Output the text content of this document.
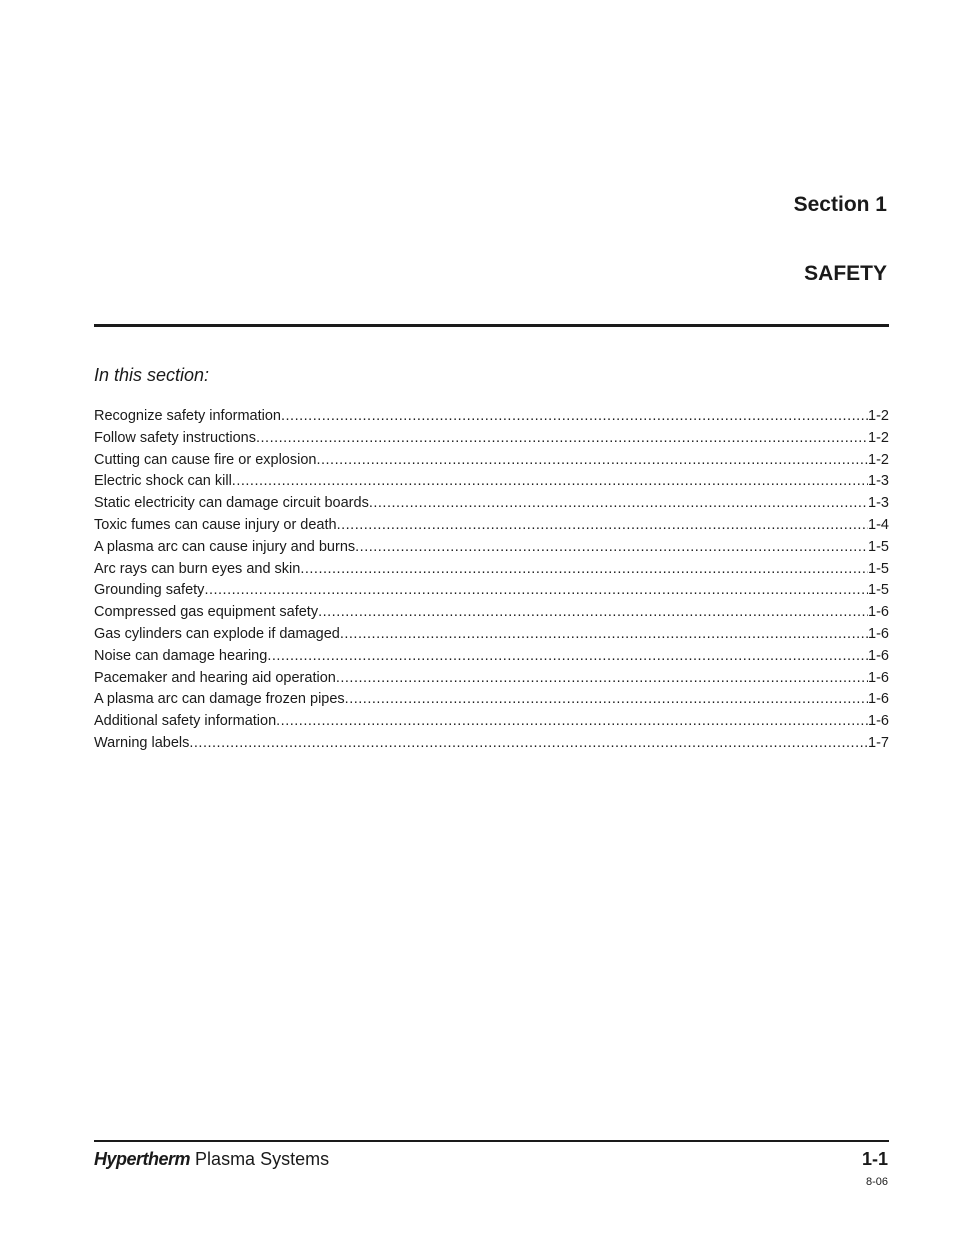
Section 1
SAFETY
In this section:
Recognize safety information .....	1-2
Follow safety instructions .....	1-2
Cutting can cause fire or explosion .....	1-2
Electric shock can kill .....	1-3
Static electricity can damage circuit boards .....	1-3
Toxic fumes can cause injury or death .....	1-4
A plasma arc can cause injury and burns .....	1-5
Arc rays can burn eyes and skin .....	1-5
Grounding safety .....	1-5
Compressed gas equipment safety .....	1-6
Gas cylinders can explode if damaged .....	1-6
Noise can damage hearing .....	1-6
Pacemaker and hearing aid operation .....	1-6
A plasma arc can damage frozen pipes .....	1-6
Additional safety information .....	1-6
Warning labels .....	1-7
Hypertherm Plasma Systems	1-1
8-06
